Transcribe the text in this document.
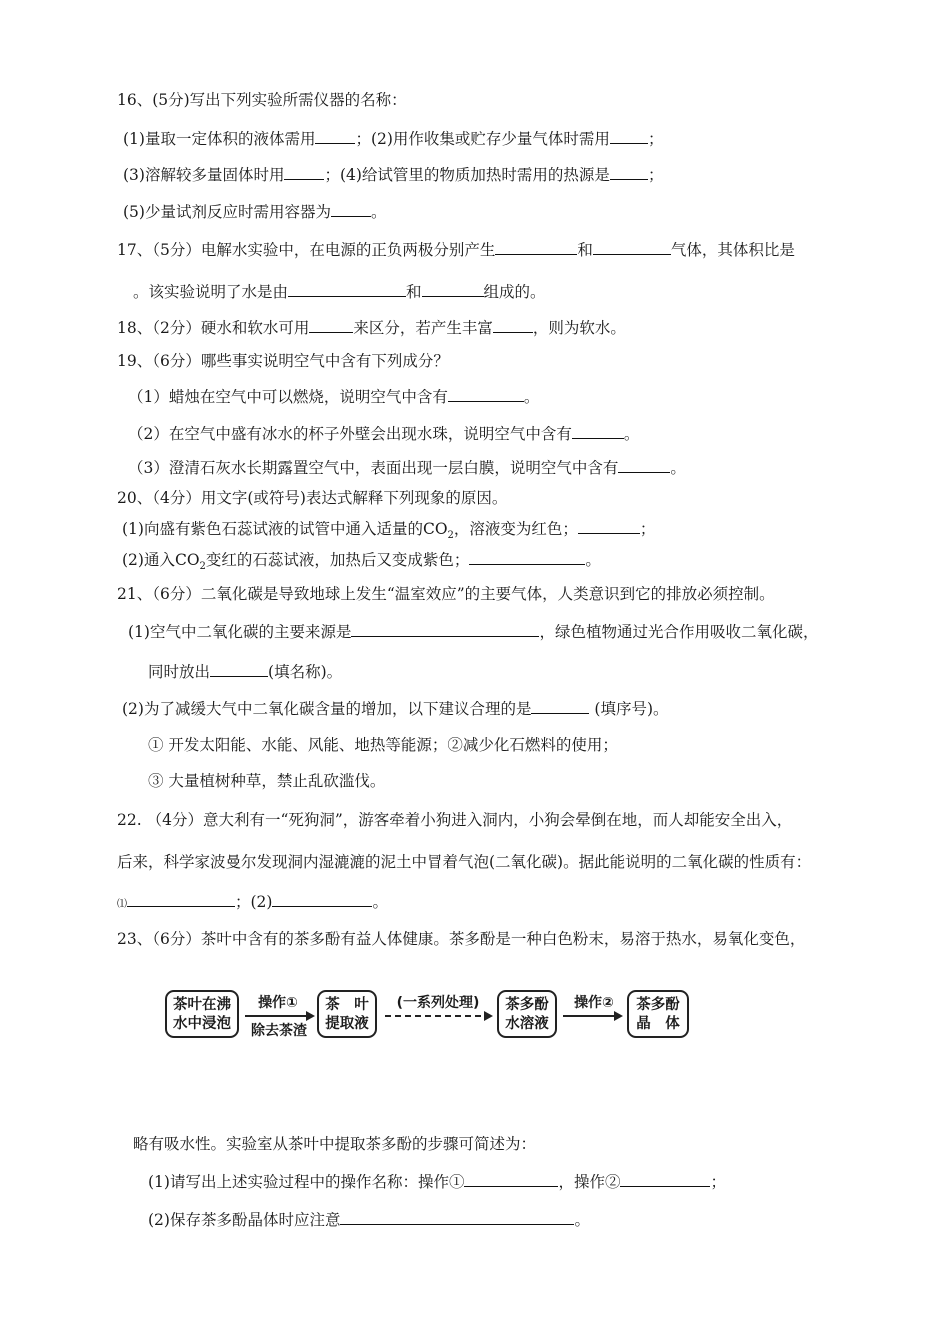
16、(5分)写出下列实验所需仪器的名称：
(1)量取一定体积的液体需用	；(2)用作收集或贮存少量气体时需用 ；
(3)溶解较多量固体时用	；(4)给试管里的物质加热时需用的热源是 ；
(5)少量试剂反应时需用容器为	。
17、（5分）电解水实验中，在电源的正负两极分别产生	和	气体，其体积比是
。该实验说明了水是由	和	组成的。
18、（2分）硬水和软水可用	来区分，若产生丰富	，则为软水。
19、（6分）哪些事实说明空气中含有下列成分？
（1）蜡烛在空气中可以燃烧，说明空气中含有	。
（2）在空气中盛有冰水的杯子外壁会出现水珠，说明空气中含有	。
（3）澄清石灰水长期露置空气中，表面出现一层白膜，说明空气中含有	。
20、（4分）用文字(或符号)表达式解释下列现象的原因。
(1)向盛有紫色石蕊试液的试管中通入适量的$CO_2$，溶液变为红色；	；
(2)通入$CO_2$变红的石蕊试液，加热后又变成紫色；	。
21、（6分）二氧化碳是导致地球上发生“温室效应”的主要气体，人类意识到它的排放必须控制。
(1)空气中二氧化碳的主要来源是	，绿色植物通过光合作用吸收二氧化碳，
同时放出	(填名称)。
(2)为了减缓大气中二氧化碳含量的增加，以下建议合理的是	(填序号)。
① 开发太阳能、水能、风能、地热等能源；②减少化石燃料的使用；
③ 大量植树种草，禁止乱砍滥伐。
22. （4分）意大利有一“死狗洞”，游客牵着小狗进入洞内，小狗会晕倒在地，而人却能安全出入，
后来，科学家波曼尔发现洞内湿漉漉的泥土中冒着气泡(二氧化碳)。据此能说明的二氧化碳的性质有：
⑴	；(2)	。
23、（6分）茶叶中含有的茶多酚有益人体健康。茶多酚是一种白色粉末，易溶于热水，易氧化变色，
茶叶在沸
水中浸泡
操作①
除去茶渣
茶　叶
提取液
(一系列处理)	茶多酚
水溶液
操作②	茶多酚
晶　体
略有吸水性。实验室从茶叶中提取茶多酚的步骤可简述为：
(1)请写出上述实验过程中的操作名称：操作①	，操作②	；
(2)保存茶多酚晶体时应注意	。
